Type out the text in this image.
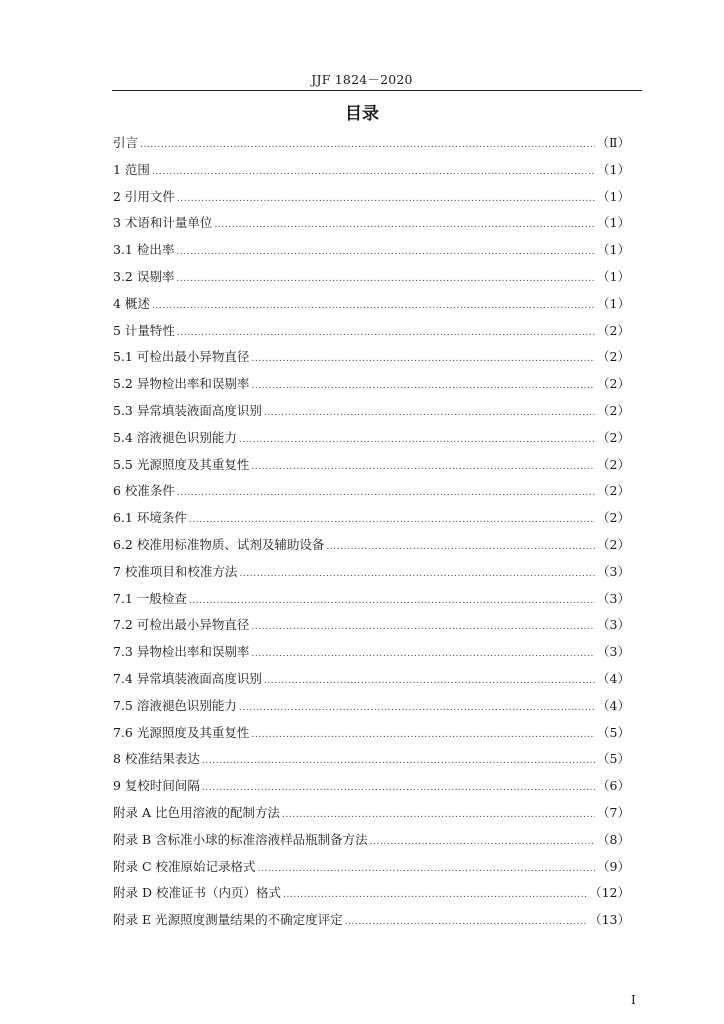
JJF 1824－2020
目录
引言 .....	（Ⅱ）
1 范围 .....	（1）
2 引用文件 .....	（1）
3 术语和计量单位 .....	（1）
3.1 检出率 .....	（1）
3.2 误剔率 .....	（1）
4 概述 .....	（1）
5 计量特性 .....	（2）
5.1 可检出最小异物直径 .....	（2）
5.2 异物检出率和误剔率 .....	（2）
5.3 异常填装液面高度识别 .....	（2）
5.4 溶液褪色识别能力 .....	（2）
5.5 光源照度及其重复性 .....	（2）
6 校准条件 .....	（2）
6.1 环境条件 .....	（2）
6.2 校准用标准物质、试剂及辅助设备 .....	（2）
7 校准项目和校准方法 .....	（3）
7.1 一般检查 .....	（3）
7.2 可检出最小异物直径 .....	（3）
7.3 异物检出率和误剔率 .....	（3）
7.4 异常填装液面高度识别 .....	（4）
7.5 溶液褪色识别能力 .....	（4）
7.6 光源照度及其重复性 .....	（5）
8 校准结果表达 .....	（5）
9 复校时间间隔 .....	（6）
附录 A 比色用溶液的配制方法 .....	（7）
附录 B 含标准小球的标准溶液样品瓶制备方法 .....	（8）
附录 C 校准原始记录格式 .....	（9）
附录 D 校准证书（内页）格式 .....	（12）
附录 E 光源照度测量结果的不确定度评定 .....	（13）
I
